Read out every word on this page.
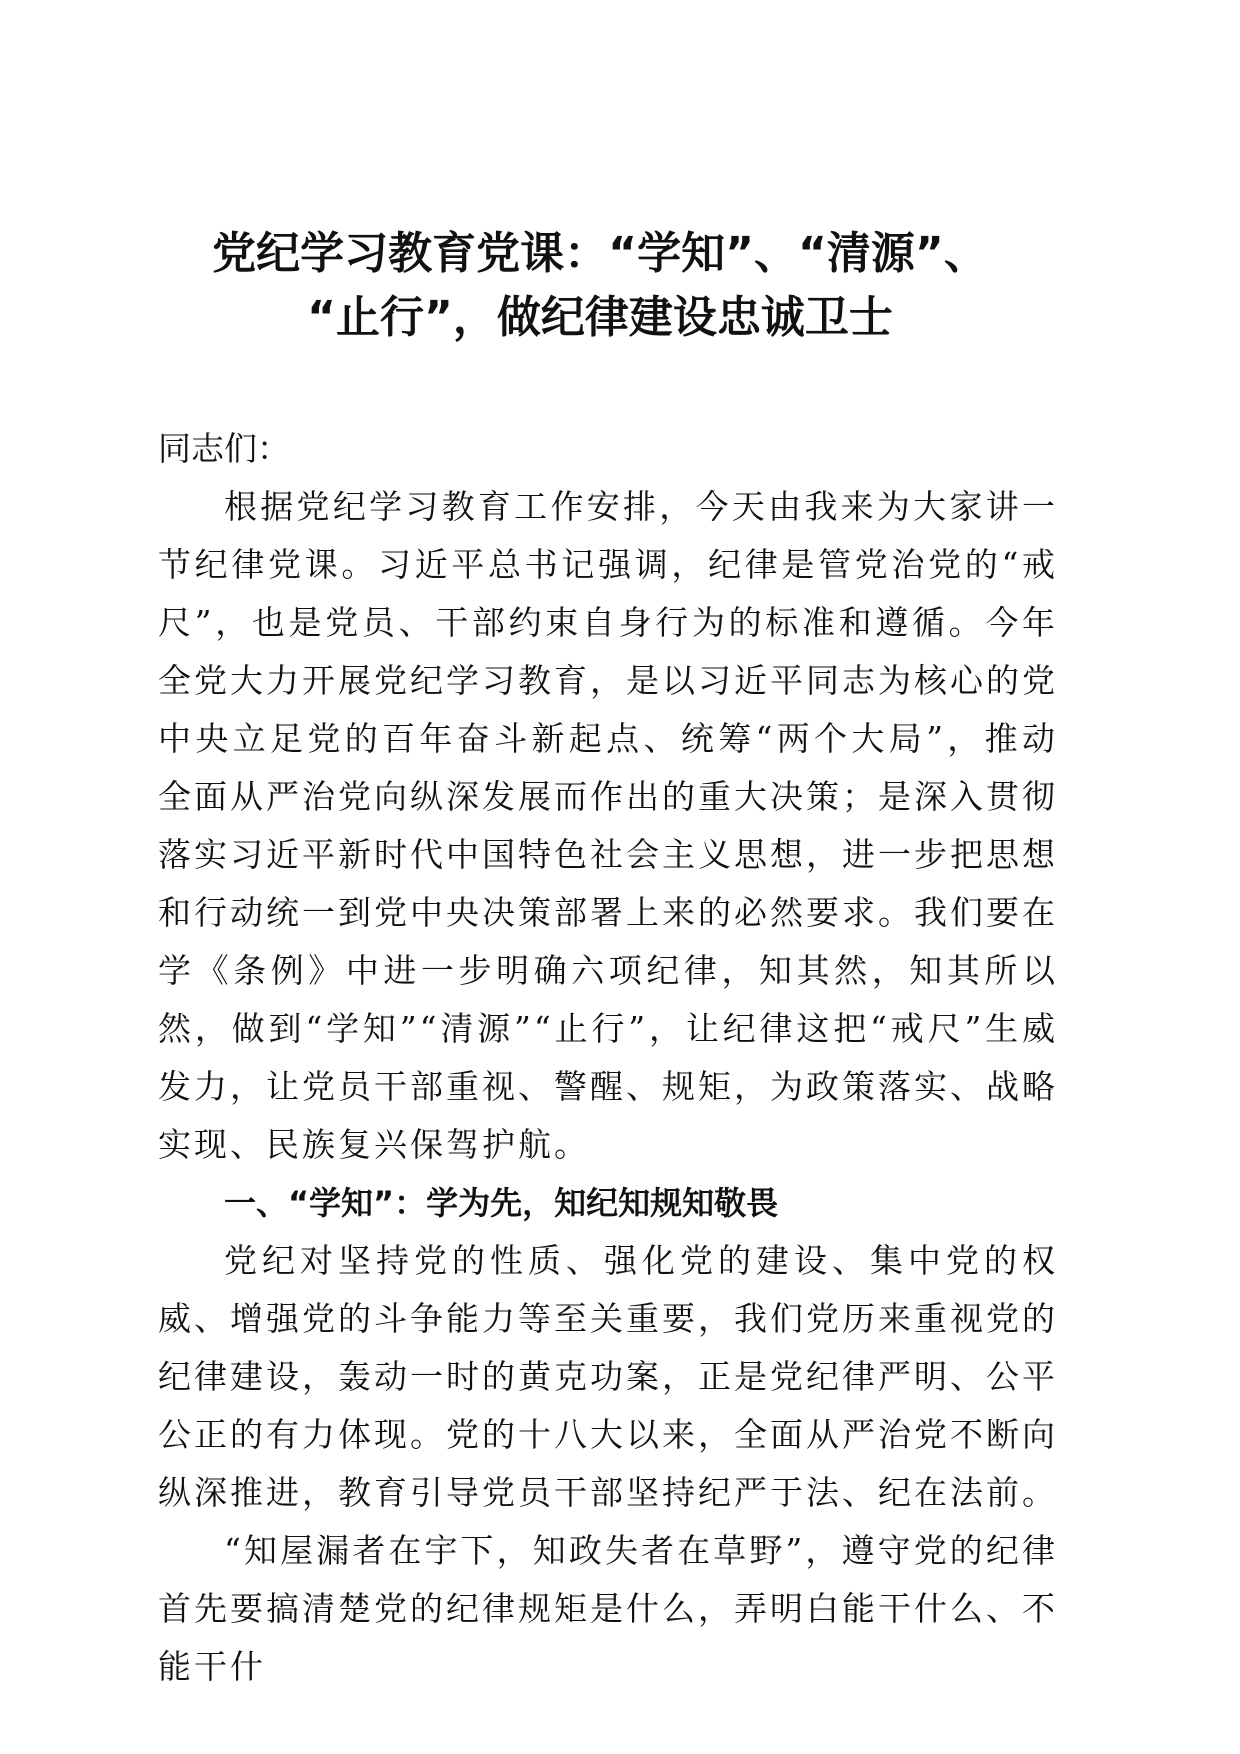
党纪学习教育党课：“学知”、“清源”、
“止行”，做纪律建设忠诚卫士
同志们：

根据党纪学习教育工作安排，今天由我来为大家讲一节纪律党课。习近平总书记强调，纪律是管党治党的“戒尺”，也是党员、干部约束自身行为的标准和遵循。今年全党大力开展党纪学习教育，是以习近平同志为核心的党中央立足党的百年奋斗新起点、统筹“两个大局”，推动全面从严治党向纵深发展而作出的重大决策；是深入贯彻落实习近平新时代中国特色社会主义思想，进一步把思想和行动统一到党中央决策部署上来的必然要求。我们要在学《条例》中进一步明确六项纪律，知其然，知其所以然，做到“学知”“清源”“止行”，让纪律这把“戒尺”生威发力，让党员干部重视、警醒、规矩，为政策落实、战略实现、民族复兴保驾护航。

一、“学知”：学为先，知纪知规知敬畏

党纪对坚持党的性质、强化党的建设、集中党的权威、增强党的斗争能力等至关重要，我们党历来重视党的纪律建设，轰动一时的黄克功案，正是党纪律严明、公平公正的有力体现。党的十八大以来，全面从严治党不断向纵深推进，教育引导党员干部坚持纪严于法、纪在法前。

“知屋漏者在宇下，知政失者在草野”，遵守党的纪律首先要搞清楚党的纪律规矩是什么，弄明白能干什么、不能干什
